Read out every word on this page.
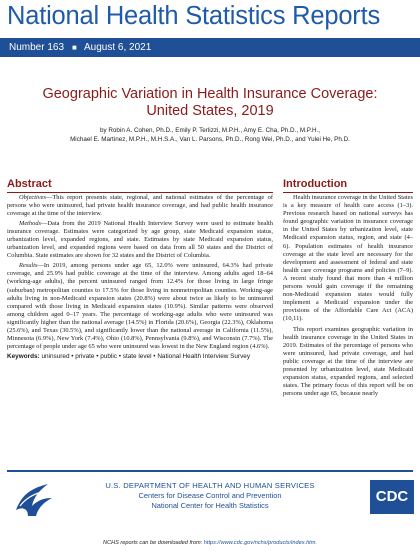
National Health Statistics Reports
Number 163 ■ August 6, 2021
Geographic Variation in Health Insurance Coverage:
United States, 2019
by Robin A. Cohen, Ph.D., Emily P. Terlizzi, M.P.H., Amy E. Cha, Ph.D., M.P.H.,
Michael E. Martinez, M.P.H., M.H.S.A., Van L. Parsons, Ph.D., Rong Wei, Ph.D., and Yulei He, Ph.D.
Abstract	Introduction

Objectives—This report presents state, regional, and national estimates of the percentage of persons who were uninsured, had private health insurance coverage, and had public health insurance coverage at the time of the interview.

Methods—Data from the 2019 National Health Interview Survey were used to estimate health insurance coverage. Estimates were categorized by age group, state Medicaid expansion status, urbanization level, expanded regions, and state. Estimates by state Medicaid expansion status, urbanization level, and expanded regions were based on data from all 50 states and the District of Columbia. State estimates are shown for 32 states and the District of Columbia.

Results—In 2019, among persons under age 65, 12.0% were uninsured, 64.3% had private coverage, and 25.9% had public coverage at the time of the interview. Among adults aged 18–64 (working-age adults), the percent uninsured ranged from 12.4% for those living in large fringe (suburban) metropolitan counties to 17.5% for those living in nonmetropolitan counties. Working-age adults living in non-Medicaid expansion states (20.8%) were about twice as likely to be uninsured compared with those living in Medicaid expansion states (10.9%). Similar patterns were observed among children aged 0–17 years. The percentage of working-age adults who were uninsured was significantly higher than the national average (14.5%) in Florida (20.6%), Georgia (22.3%), Oklahoma (25.6%), and Texas (30.5%), and significantly lower than the national average in California (11.5%), Minnesota (6.9%), New York (7.4%), Ohio (10.8%), Pennsylvania (9.8%), and Wisconsin (7.7%). The percentage of people under age 65 who were uninsured was lowest in the New England region (4.6%).

Keywords: uninsured • private • public • state level • National Health Interview Survey

Health insurance coverage in the United States is a key measure of health care access (1–3). Previous research based on national surveys has found geographic variation in insurance coverage in the United States by urbanization level, state Medicaid expansion status, region, and state (4–6). Population estimates of health insurance coverage at the state level are necessary for the development and assessment of federal and state health care coverage programs and policies (7–9). A recent study found that more than 4 million persons would gain coverage if the remaining non-Medicaid expansion states would fully implement a Medicaid expansion under the provisions of the Affordable Care Act (ACA) (10,11).

This report examines geographic variation in health insurance coverage in the United States in 2019. Estimates of the percentage of persons who were uninsured, had private coverage, and had public coverage at the time of the interview are presented by urbanization level, state Medicaid expansion status, expanded regions, and selected states. The primary focus of this report will be on persons under age 65, because nearly

U.S. DEPARTMENT OF HEALTH AND HUMAN SERVICES
Centers for Disease Control and Prevention
National Center for Health Statistics
CDC
NCHS reports can be downloaded from: https://www.cdc.gov/nchs/products/index.htm.
